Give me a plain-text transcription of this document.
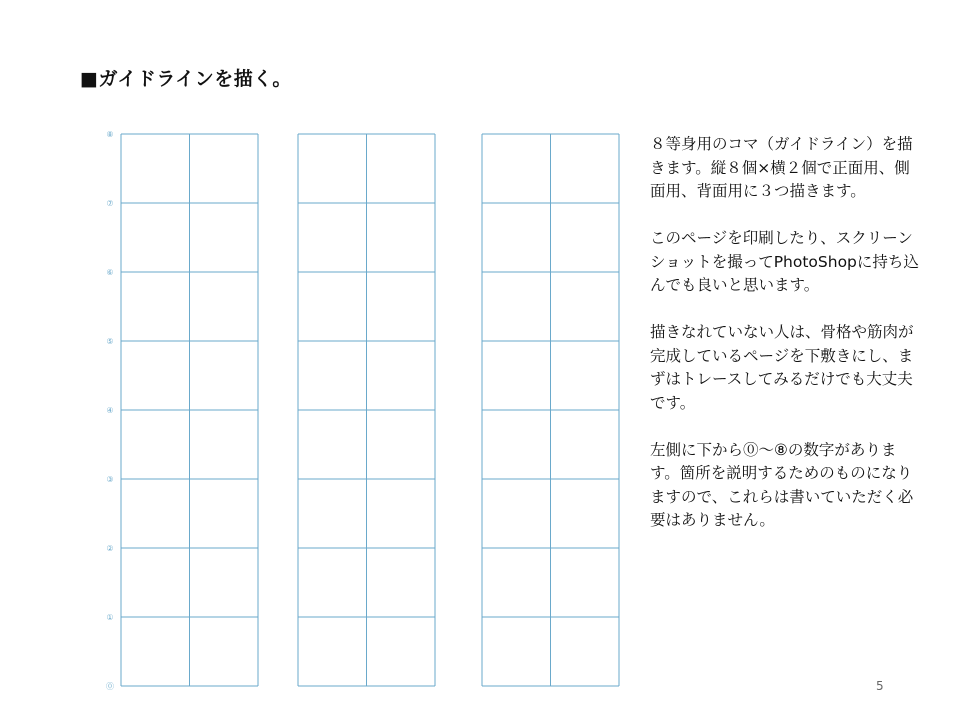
■ガイドラインを描く。
⓪
①
②
③
④
⑤
⑥
⑦
⑧

８等身用のコマ（ガイドライン）を描きます。縦８個×横２個で正面用、側面用、背面用に３つ描きます。

このページを印刷したり、スクリーンショットを撮ってPhotoShopに持ち込んでも良いと思います。

描きなれていない人は、骨格や筋肉が完成しているページを下敷きにし、まずはトレースしてみるだけでも大丈夫です。

左側に下から⓪～⑧の数字があります。箇所を説明するためのものになりますので、これらは書いていただく必要はありません。

5
